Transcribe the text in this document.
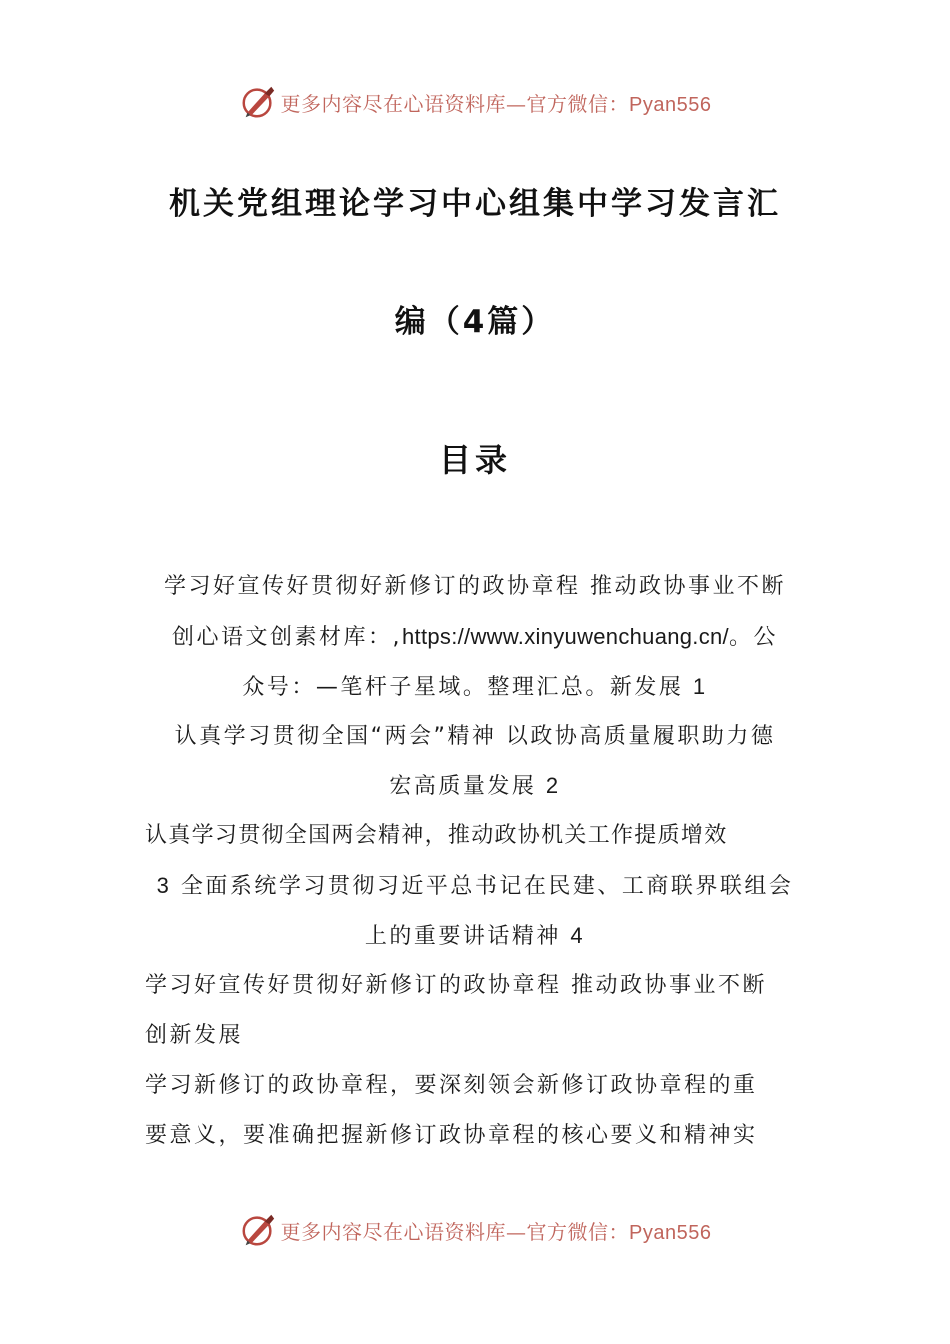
更多内容尽在心语资料库—官方微信：Pyan556
机关党组理论学习中心组集中学习发言汇
编（4篇）
目录
学习好宣传好贯彻好新修订的政协章程 推动政协事业不断
创心语文创素材库：,https://www.xinyuwenchuang.cn/。公
众号：—笔杆子星域。整理汇总。新发展 1
认真学习贯彻全国“两会”精神 以政协高质量履职助力德
宏高质量发展 2
认真学习贯彻全国两会精神，推动政协机关工作提质增效
3 全面系统学习贯彻习近平总书记在民建、工商联界联组会
上的重要讲话精神 4
学习好宣传好贯彻好新修订的政协章程 推动政协事业不断
创新发展
学习新修订的政协章程，要深刻领会新修订政协章程的重
要意义，要准确把握新修订政协章程的核心要义和精神实
更多内容尽在心语资料库—官方微信：Pyan556
